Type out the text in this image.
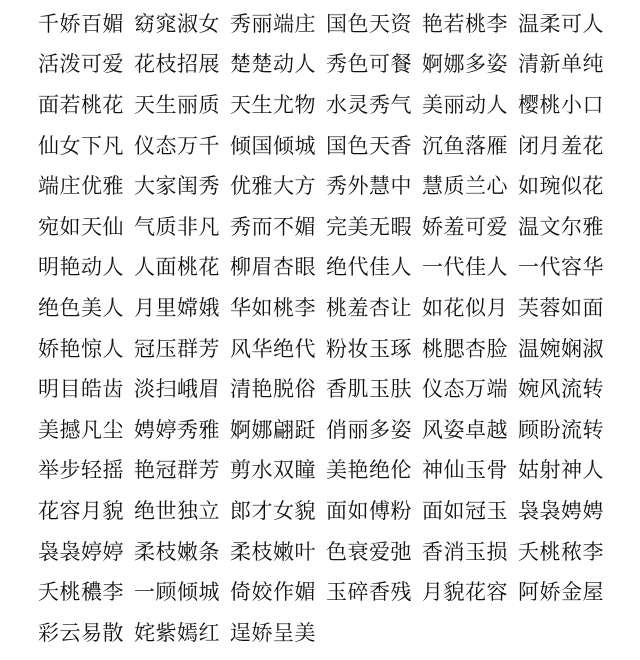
千娇百媚 窈窕淑女 秀丽端庄 国色天资 艳若桃李 温柔可人
活泼可爱 花枝招展 楚楚动人 秀色可餐 婀娜多姿 清新单纯
面若桃花 天生丽质 天生尤物 水灵秀气 美丽动人 樱桃小口
仙女下凡 仪态万千 倾国倾城 国色天香 沉鱼落雁 闭月羞花
端庄优雅 大家闺秀 优雅大方 秀外慧中 慧质兰心 如琬似花
宛如天仙 气质非凡 秀而不媚 完美无暇 娇羞可爱 温文尔雅
明艳动人 人面桃花 柳眉杏眼 绝代佳人 一代佳人 一代容华
绝色美人 月里嫦娥 华如桃李 桃羞杏让 如花似月 芙蓉如面
娇艳惊人 冠压群芳 风华绝代 粉妆玉琢 桃腮杏脸 温婉娴淑
明目皓齿 淡扫峨眉 清艳脱俗 香肌玉肤 仪态万端 婉风流转
美撼凡尘 娉婷秀雅 婀娜翩跹 俏丽多姿 风姿卓越 顾盼流转
举步轻摇 艳冠群芳 剪水双瞳 美艳绝伦 神仙玉骨 姑射神人
花容月貌 绝世独立 郎才女貌 面如傅粉 面如冠玉 袅袅娉娉
袅袅婷婷 柔枝嫩条 柔枝嫩叶 色衰爱弛 香消玉损 夭桃秾李
夭桃穠李 一顾倾城 倚姣作媚 玉碎香残 月貌花容 阿娇金屋
彩云易散 姹紫嫣红 逞娇呈美
